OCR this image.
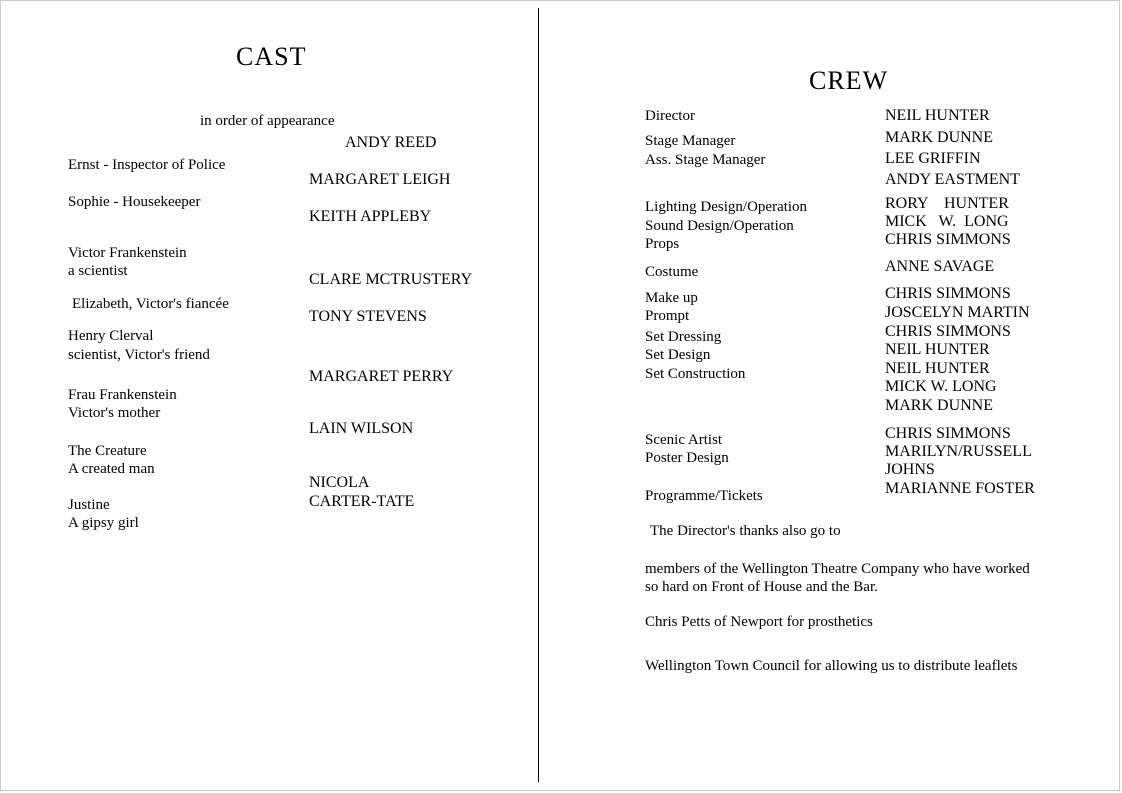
CAST
in order of appearance
Ernst - Inspector of Police
Sophie - Housekeeper
Victor Frankenstein
a scientist
Elizabeth, Victor's fiancée
Henry Clerval
scientist, Victor's friend
Frau Frankenstein
Victor's mother
The Creature
A created man
Justine
A gipsy girl
ANDY REED
MARGARET LEIGH
KEITH APPLEBY
CLARE MCTRUSTERY
TONY STEVENS
MARGARET PERRY
LAIN WILSON
NICOLA
CARTER-TATE
CREW
Director
Stage Manager
Ass. Stage Manager
Lighting Design/Operation
Sound Design/Operation
Props
Costume
Make up
Prompt
Set Dressing
Set Design
Set Construction
Scenic Artist
Poster Design
Programme/Tickets
NEIL HUNTER
MARK DUNNE
LEE GRIFFIN
ANDY EASTMENT
RORY    HUNTER
MICK   W.  LONG
CHRIS SIMMONS
ANNE SAVAGE
CHRIS SIMMONS
JOSCELYN MARTIN
CHRIS SIMMONS
NEIL HUNTER
NEIL HUNTER
MICK W. LONG
MARK DUNNE
CHRIS SIMMONS
MARILYN/RUSSELL
JOHNS
MARIANNE FOSTER
The Director's thanks also go to
members of the Wellington Theatre Company who have worked
so hard on Front of House and the Bar.
Chris Petts of Newport for prosthetics
Wellington Town Council for allowing us to distribute leaflets
